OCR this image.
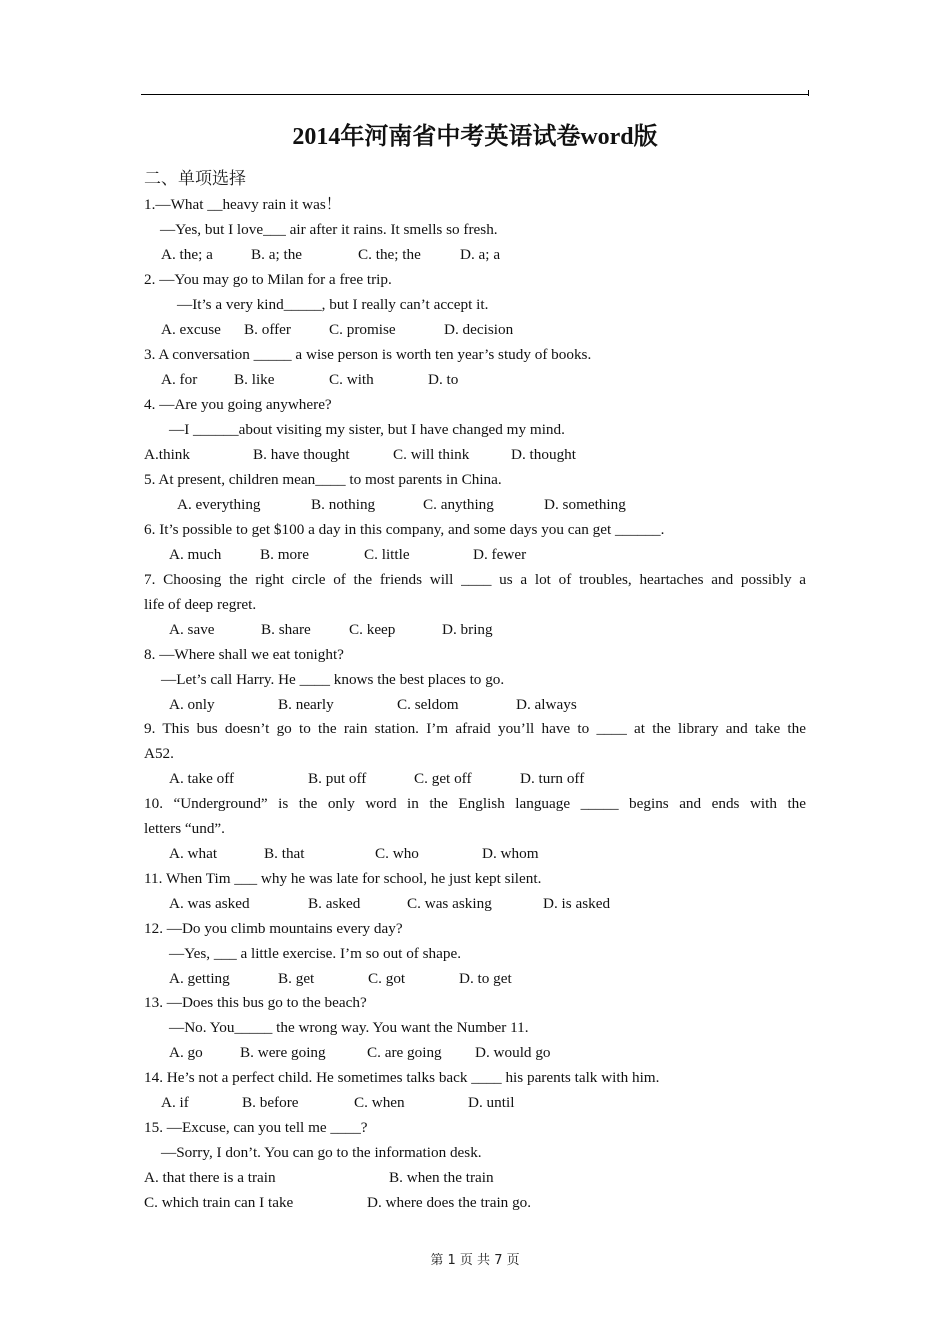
2014年河南省中考英语试卷word版
二、单项选择
1.—What __heavy rain it was！
—Yes, but I love___ air after it rains. It smells so fresh.
A. the; a	B. a; the	C. the; the	D. a; a
2. —You may go to Milan for a free trip.
—It’s a very kind_____, but I really can’t accept it.
A. excuse B. offer	C. promise	D. decision
3. A conversation _____ a wise person is worth ten year’s study of books.
A. for B. like	C. with	D. to
4. —Are you going anywhere?
—I ______about visiting my sister, but I have changed my mind.
A.think	B. have thought	C. will think	D. thought
5. At present, children mean____ to most parents in China.
A. everything	B. nothing	C. anything	D. something
6. It’s possible to get $100 a day in this company, and some days you can get ______.
A. much	B. more	C. little	D. fewer
7. Choosing the right circle of the friends will ____ us a lot of troubles, heartaches and possibly a
life of deep regret.
A. save	B. share	C. keep	D. bring
8. —Where shall we eat tonight?
—Let’s call Harry. He ____ knows the best places to go.
A. only	B. nearly	C. seldom	D. always
9. This bus doesn’t go to the rain station. I’m afraid you’ll have to ____ at the library and take the
A52.
A. take off	B. put off	C. get off	D. turn off
10. “Underground” is the only word in the English language _____ begins and ends with the
letters “und”.
A. what	B. that	C. who	D. whom
11. When Tim ___ why he was late for school, he just kept silent.
A. was asked	B. asked	C. was asking	D. is asked
12. —Do you climb mountains every day?
—Yes, ___ a little exercise. I’m so out of shape.
A. getting	B. get	C. got	D. to get
13. —Does this bus go to the beach?
—No. You_____ the wrong way. You want the Number 11.
A. go B. were going	C. are going D. would go
14. He’s not a perfect child. He sometimes talks back ____ his parents talk with him.
A. if	B. before	C. when	D. until
15. —Excuse, can you tell me ____?
—Sorry, I don’t. You can go to the information desk.
A. that there is a train	B. when the train
C. which train can I take	D. where does the train go.
第 1 页 共 7 页
